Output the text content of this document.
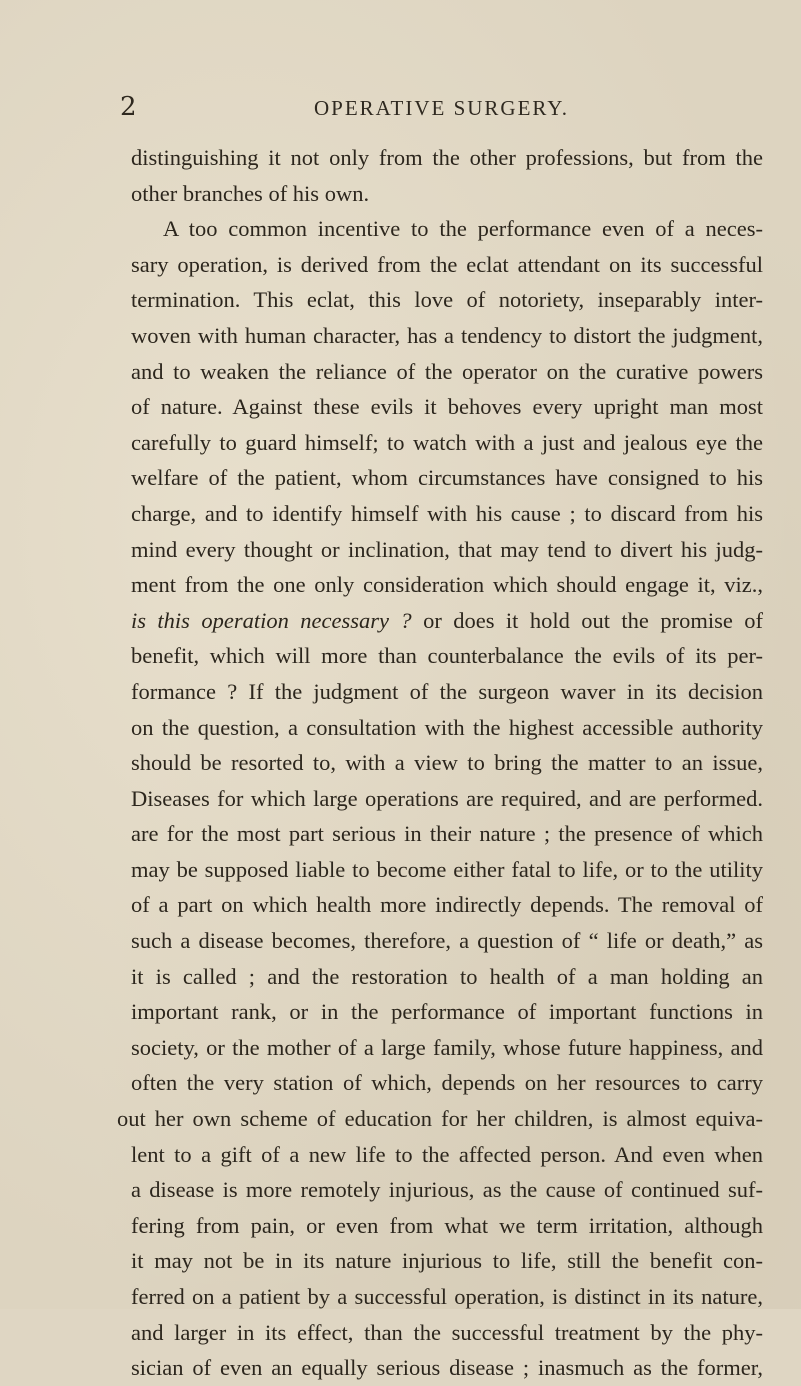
2	OPERATIVE SURGERY.
distinguishing it not only from the other professions, but from the
other branches of his own.
A too common incentive to the performance even of a neces-
sary operation, is derived from the eclat attendant on its successful
termination. This eclat, this love of notoriety, inseparably inter-
woven with human character, has a tendency to distort the judgment,
and to weaken the reliance of the operator on the curative powers
of nature. Against these evils it behoves every upright man most
carefully to guard himself; to watch with a just and jealous eye the
welfare of the patient, whom circumstances have consigned to his
charge, and to identify himself with his cause ; to discard from his
mind every thought or inclination, that may tend to divert his judg-
ment from the one only consideration which should engage it, viz.,
is this operation necessary ? or does it hold out the promise of
benefit, which will more than counterbalance the evils of its per-
formance ? If the judgment of the surgeon waver in its decision
on the question, a consultation with the highest accessible authority
should be resorted to, with a view to bring the matter to an issue,
Diseases for which large operations are required, and are performed.
are for the most part serious in their nature ; the presence of which
may be supposed liable to become either fatal to life, or to the utility
of a part on which health more indirectly depends. The removal of
such a disease becomes, therefore, a question of “ life or death,” as
it is called ; and the restoration to health of a man holding an
important rank, or in the performance of important functions in
society, or the mother of a large family, whose future happiness, and
often the very station of which, depends on her resources to carry
out her own scheme of education for her children, is almost equiva-
lent to a gift of a new life to the affected person. And even when
a disease is more remotely injurious, as the cause of continued suf-
fering from pain, or even from what we term irritation, although
it may not be in its nature injurious to life, still the benefit con-
ferred on a patient by a successful operation, is distinct in its nature,
and larger in its effect, than the successful treatment by the phy-
sician of even an equally serious disease ; inasmuch as the former,
